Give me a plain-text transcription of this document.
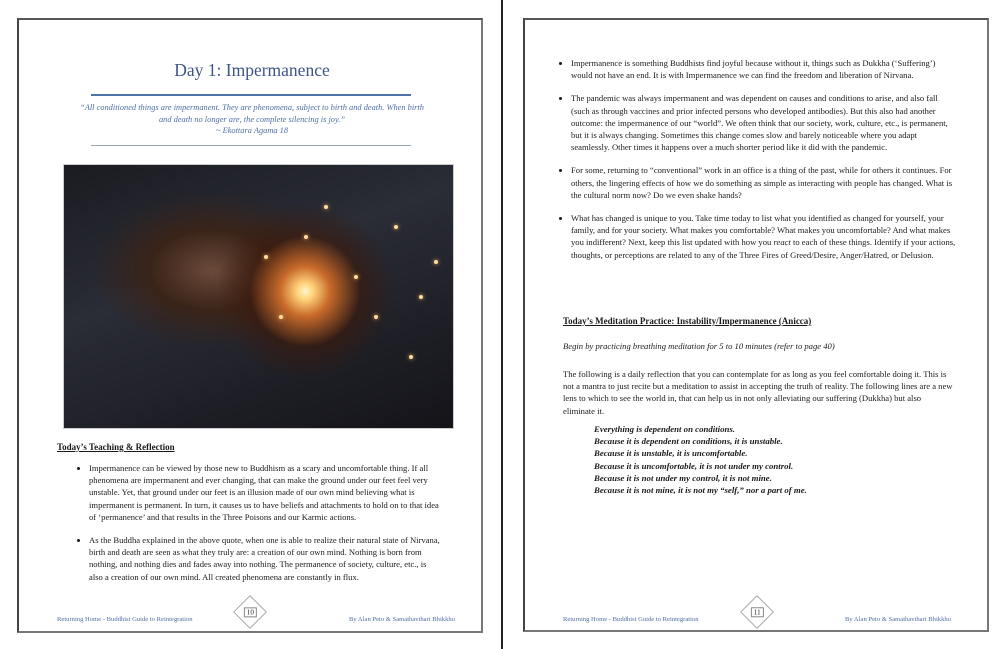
Day 1: Impermanence
“All conditioned things are impermanent. They are phenomena, subject to birth and death. When birth and death no longer are, the complete silencing is joy.”
~ Ekottara Agama 18
Today’s Teaching & Reflection
• Impermanence can be viewed by those new to Buddhism as a scary and uncomfortable thing. If all phenomena are impermanent and ever changing, that can make the ground under our feet feel very unstable. Yet, that ground under our feet is an illusion made of our own mind believing what is impermanent is permanent. In turn, it causes us to have beliefs and attachments to hold on to that idea of ‘permanence’ and that results in the Three Poisons and our Karmic actions.
• As the Buddha explained in the above quote, when one is able to realize their natural state of Nirvana, birth and death are seen as what they truly are: a creation of our own mind. Nothing is born from nothing, and nothing dies and fades away into nothing. The permanence of society, culture, etc., is also a creation of our own mind. All created phenomena are constantly in flux.
Returning Home - Buddhist Guide to Reintegration
10
By Alan Peto & Samathavihari Bhikkhu
• Impermanence is something Buddhists find joyful because without it, things such as Dukkha (‘Suffering’) would not have an end. It is with Impermanence we can find the freedom and liberation of Nirvana.
• The pandemic was always impermanent and was dependent on causes and conditions to arise, and also fall (such as through vaccines and prior infected persons who developed antibodies). But this also had another outcome: the impermanence of our “world”. We often think that our society, work, culture, etc., is permanent, but it is always changing. Sometimes this change comes slow and barely noticeable where you adapt seamlessly. Other times it happens over a much shorter period like it did with the pandemic.
• For some, returning to “conventional” work in an office is a thing of the past, while for others it continues. For others, the lingering effects of how we do something as simple as interacting with people has changed. What is the cultural norm now? Do we even shake hands?
• What has changed is unique to you. Take time today to list what you identified as changed for yourself, your family, and for your society. What makes you comfortable? What makes you uncomfortable? And what makes you indifferent? Next, keep this list updated with how you react to each of these things. Identify if your actions, thoughts, or perceptions are related to any of the Three Fires of Greed/Desire, Anger/Hatred, or Delusion.
Today’s Meditation Practice: Instability/Impermanence (Anicca)
Begin by practicing breathing meditation for 5 to 10 minutes (refer to page 40)
The following is a daily reflection that you can contemplate for as long as you feel comfortable doing it. This is not a mantra to just recite but a meditation to assist in accepting the truth of reality. The following lines are a new lens to which to see the world in, that can help us in not only alleviating our suffering (Dukkha) but also eliminate it.
Everything is dependent on conditions.
Because it is dependent on conditions, it is unstable.
Because it is unstable, it is uncomfortable.
Because it is uncomfortable, it is not under my control.
Because it is not under my control, it is not mine.
Because it is not mine, it is not my “self,” nor a part of me.
Returning Home - Buddhist Guide to Reintegration
11
By Alan Peto & Samathavihari Bhikkhu
